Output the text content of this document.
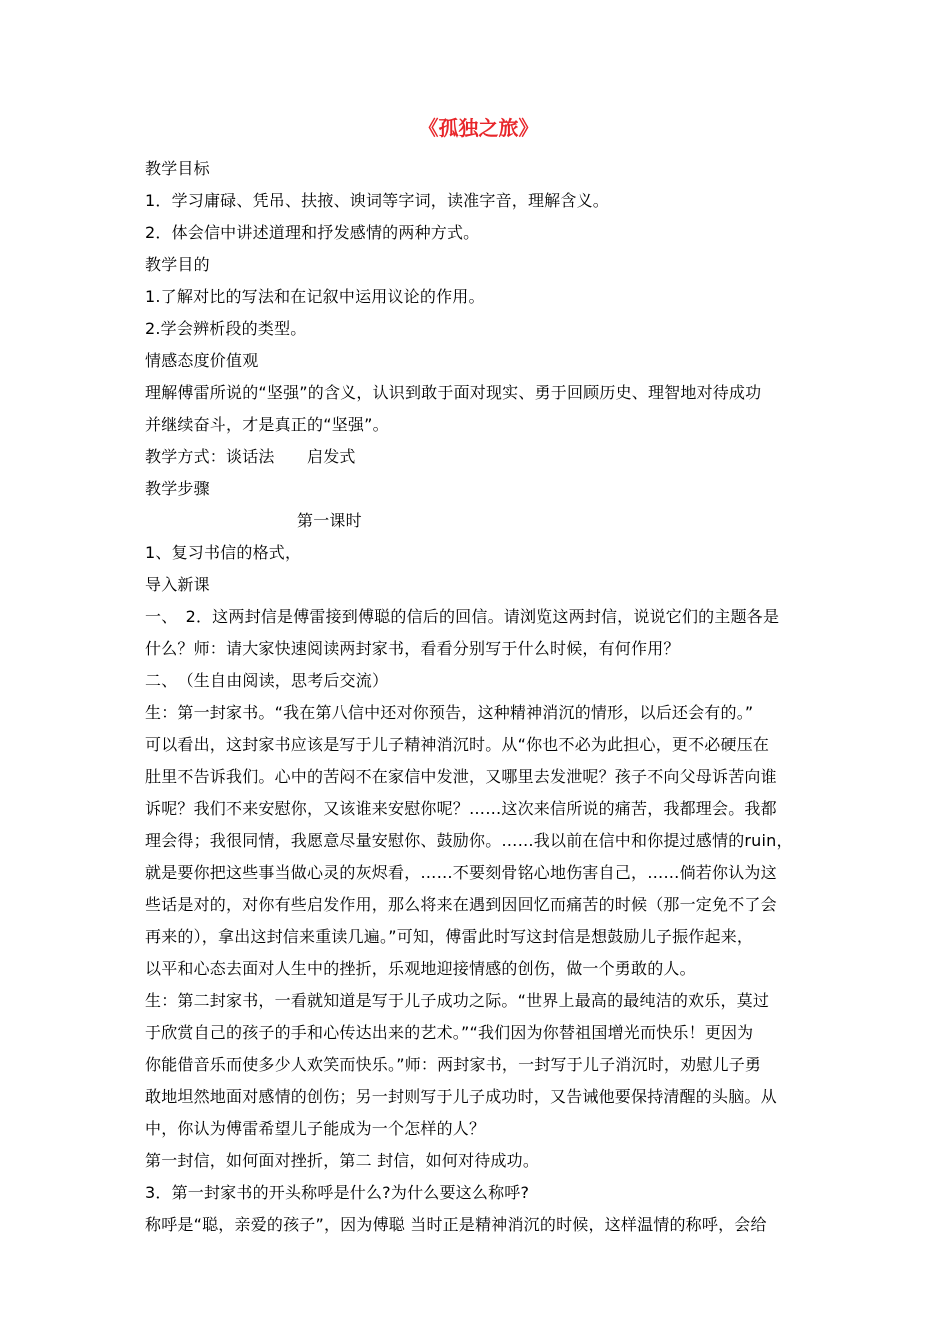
《孤独之旅》

教学目标

1．学习庸碌、凭吊、扶掖、谀词等字词，读准字音，理解含义。

2．体会信中讲述道理和抒发感情的两种方式。

教学目的

1.了解对比的写法和在记叙中运用议论的作用。

2.学会辨析段的类型。

情感态度价值观

理解傅雷所说的“坚强”的含义，认识到敢于面对现实、勇于回顾历史、理智地对待成功

并继续奋斗，才是真正的“坚强”。

教学方式：谈话法　　启发式

教学步骤

第一课时

1、复习书信的格式，

导入新课

一、　2．这两封信是傅雷接到傅聪的信后的回信。请浏览这两封信，说说它们的主题各是

什么？师：请大家快速阅读两封家书，看看分别写于什么时候，有何作用？

二、　（生自由阅读，思考后交流）

生：第一封家书。“我在第八信中还对你预告，这种精神消沉的情形，以后还会有的。”

可以看出，这封家书应该是写于儿子精神消沉时。从“你也不必为此担心，更不必硬压在

肚里不告诉我们。心中的苦闷不在家信中发泄，又哪里去发泄呢？孩子不向父母诉苦向谁

诉呢？我们不来安慰你，又该谁来安慰你呢？……这次来信所说的痛苦，我都理会。我都

理会得；我很同情，我愿意尽量安慰你、鼓励你。……我以前在信中和你提过感情的ruin，

就是要你把这些事当做心灵的灰烬看，……不要刻骨铭心地伤害自己，……倘若你认为这

些话是对的，对你有些启发作用，那么将来在遇到因回忆而痛苦的时候（那一定免不了会

再来的），拿出这封信来重读几遍。”可知，傅雷此时写这封信是想鼓励儿子振作起来，

以平和心态去面对人生中的挫折，乐观地迎接情感的创伤，做一个勇敢的人。

生：第二封家书，一看就知道是写于儿子成功之际。“世界上最高的最纯洁的欢乐，莫过

于欣赏自己的孩子的手和心传达出来的艺术。”“我们因为你替祖国增光而快乐！更因为

你能借音乐而使多少人欢笑而快乐。”师：两封家书，一封写于儿子消沉时，劝慰儿子勇

敢地坦然地面对感情的创伤；另一封则写于儿子成功时，又告诫他要保持清醒的头脑。从

中，你认为傅雷希望儿子能成为一个怎样的人？

第一封信，如何面对挫折，第二 封信，如何对待成功。

3．第一封家书的开头称呼是什么?为什么要这么称呼?

称呼是“聪，亲爱的孩子”，因为傅聪 当时正是精神消沉的时候，这样温情的称呼，会给
